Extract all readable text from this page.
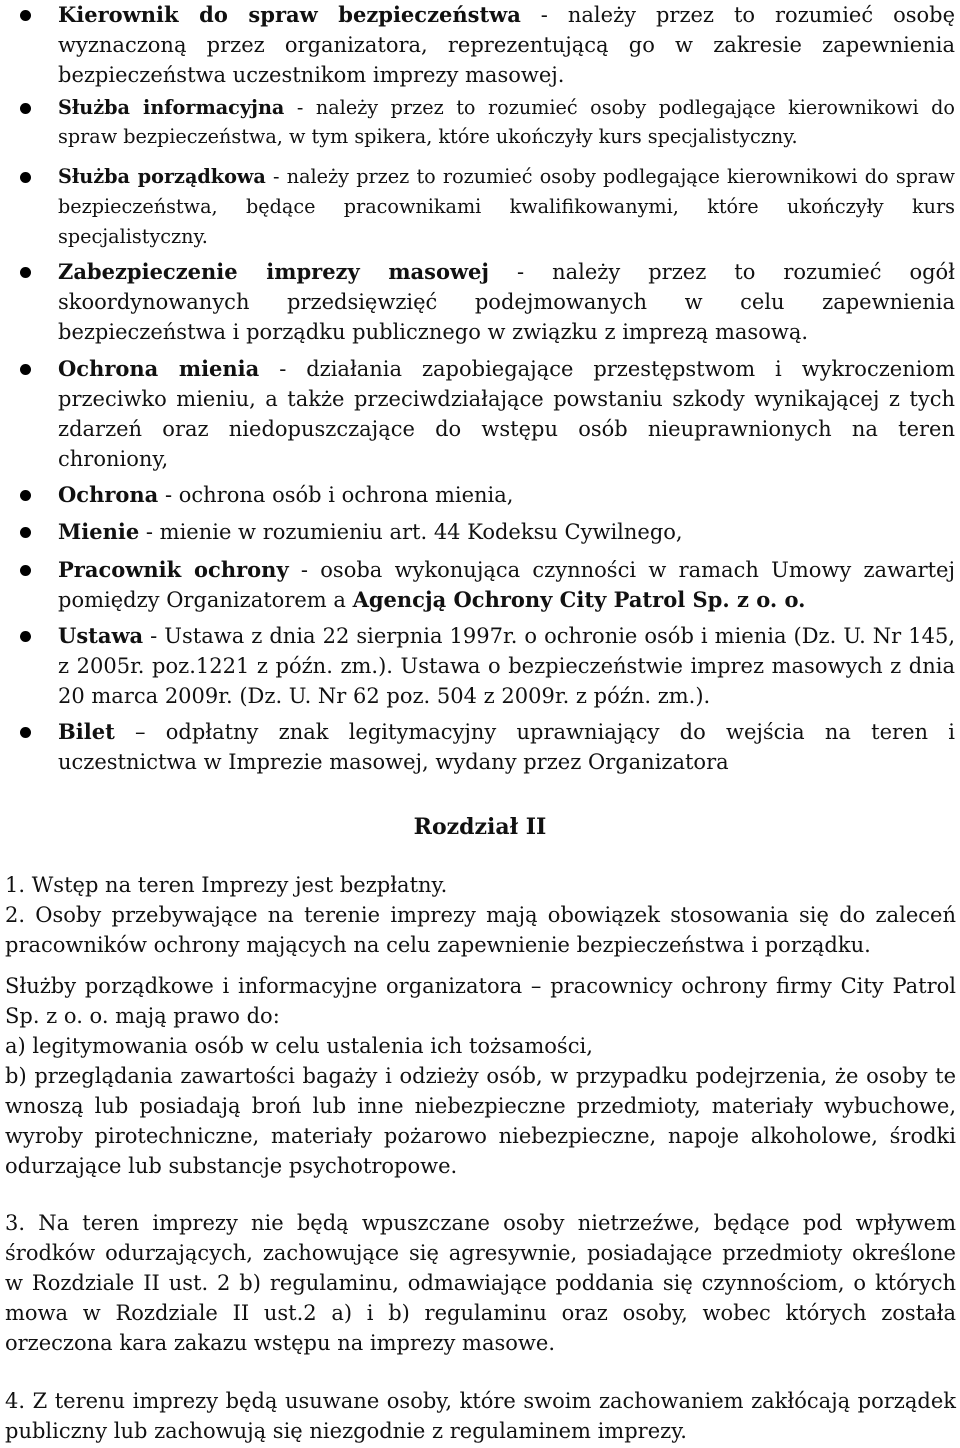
Kierownik do spraw bezpieczeństwa - należy przez to rozumieć osobę wyznaczoną przez organizatora, reprezentującą go w zakresie zapewnienia bezpieczeństwa uczestnikom imprezy masowej.
Służba informacyjna - należy przez to rozumieć osoby podlegające kierownikowi do spraw bezpieczeństwa, w tym spikera, które ukończyły kurs specjalistyczny.
Służba porządkowa - należy przez to rozumieć osoby podlegające kierownikowi do spraw bezpieczeństwa, będące pracownikami kwalifikowanymi, które ukończyły kurs specjalistyczny.
Zabezpieczenie imprezy masowej - należy przez to rozumieć ogół skoordynowanych przedsięwzięć podejmowanych w celu zapewnienia bezpieczeństwa i porządku publicznego w związku z imprezą masową.
Ochrona mienia - działania zapobiegające przestępstwom i wykroczeniom przeciwko mieniu, a także przeciwdziałające powstaniu szkody wynikającej z tych zdarzeń oraz niedopuszczające do wstępu osób nieuprawnionych na teren chroniony,
Ochrona - ochrona osób i ochrona mienia,
Mienie - mienie w rozumieniu art. 44 Kodeksu Cywilnego,
Pracownik ochrony - osoba wykonująca czynności w ramach Umowy zawartej pomiędzy Organizatorem a Agencją Ochrony City Patrol Sp. z o. o.
Ustawa - Ustawa z dnia 22 sierpnia 1997r. o ochronie osób i mienia (Dz. U. Nr 145, z 2005r. poz.1221 z późn. zm.). Ustawa o bezpieczeństwie imprez masowych z dnia 20 marca 2009r. (Dz. U. Nr 62 poz. 504 z 2009r. z późn. zm.).
Bilet – odpłatny znak legitymacyjny uprawniający do wejścia na teren i uczestnictwa w Imprezie masowej, wydany przez Organizatora
Rozdział II

1. Wstęp na teren Imprezy jest bezpłatny.

2. Osoby przebywające na terenie imprezy mają obowiązek stosowania się do zaleceń pracowników ochrony mających na celu zapewnienie bezpieczeństwa i porządku.

Służby porządkowe i informacyjne organizatora – pracownicy ochrony firmy City Patrol Sp. z o. o. mają prawo do:

a) legitymowania osób w celu ustalenia ich tożsamości,

b) przeglądania zawartości bagaży i odzieży osób, w przypadku podejrzenia, że osoby te wnoszą lub posiadają broń lub inne niebezpieczne przedmioty, materiały wybuchowe, wyroby pirotechniczne, materiały pożarowo niebezpieczne, napoje alkoholowe, środki odurzające lub substancje psychotropowe.

3. Na teren imprezy nie będą wpuszczane osoby nietrzeźwe, będące pod wpływem środków odurzających, zachowujące się agresywnie, posiadające przedmioty określone w Rozdziale II ust. 2 b) regulaminu, odmawiające poddania się czynnościom, o których mowa w Rozdziale II ust.2 a) i b) regulaminu oraz osoby, wobec których została orzeczona kara zakazu wstępu na imprezy masowe.

4. Z terenu imprezy będą usuwane osoby, które swoim zachowaniem zakłócają porządek publiczny lub zachowują się niezgodnie z regulaminem imprezy.
